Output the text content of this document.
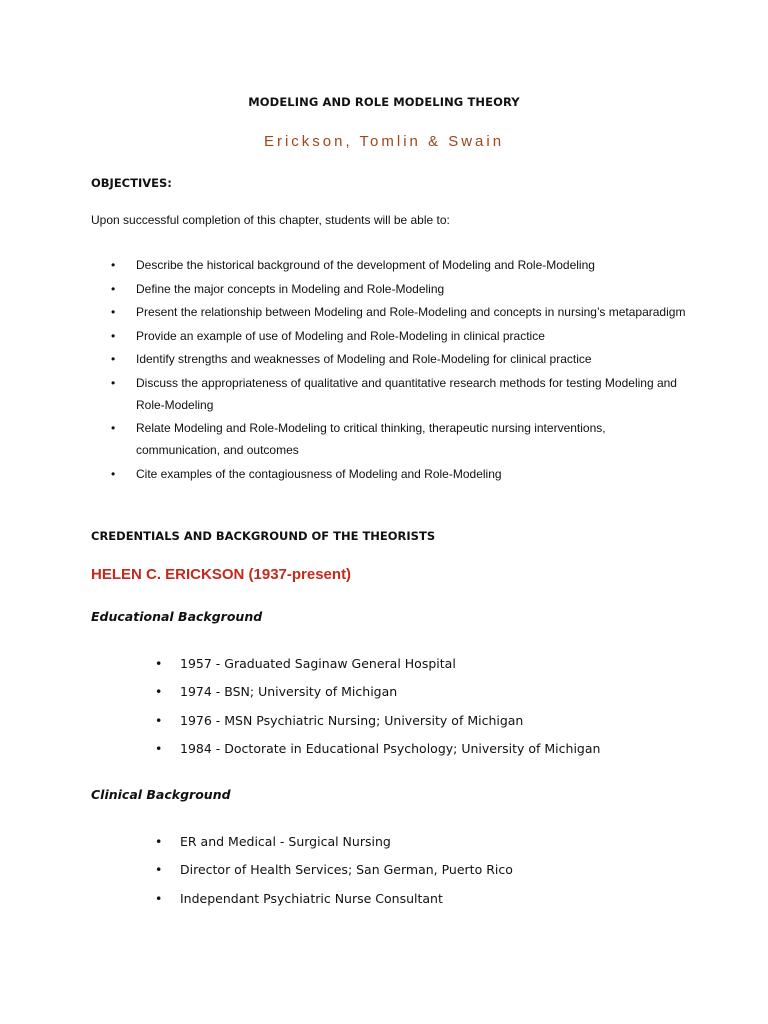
MODELING AND ROLE MODELING THEORY
Erickson, Tomlin & Swain
OBJECTIVES:
Upon successful completion of this chapter, students will be able to:
• Describe the historical background of the development of Modeling and Role-Modeling
• Define the major concepts in Modeling and Role-Modeling
• Present the relationship between Modeling and Role-Modeling and concepts in nursing’s metaparadigm
• Provide an example of use of Modeling and Role-Modeling in clinical practice
• Identify strengths and weaknesses of Modeling and Role-Modeling for clinical practice
• Discuss the appropriateness of qualitative and quantitative research methods for testing Modeling and Role-Modeling
• Relate Modeling and Role-Modeling to critical thinking, therapeutic nursing interventions, communication, and outcomes
• Cite examples of the contagiousness of Modeling and Role-Modeling
CREDENTIALS AND BACKGROUND OF THE THEORISTS
HELEN C. ERICKSON (1937-present)
Educational Background
• 1957 - Graduated Saginaw General Hospital
• 1974 - BSN; University of Michigan
• 1976 - MSN Psychiatric Nursing; University of Michigan
• 1984 - Doctorate in Educational Psychology; University of Michigan
Clinical Background
• ER and Medical - Surgical Nursing
• Director of Health Services; San German, Puerto Rico
• Independant Psychiatric Nurse Consultant
